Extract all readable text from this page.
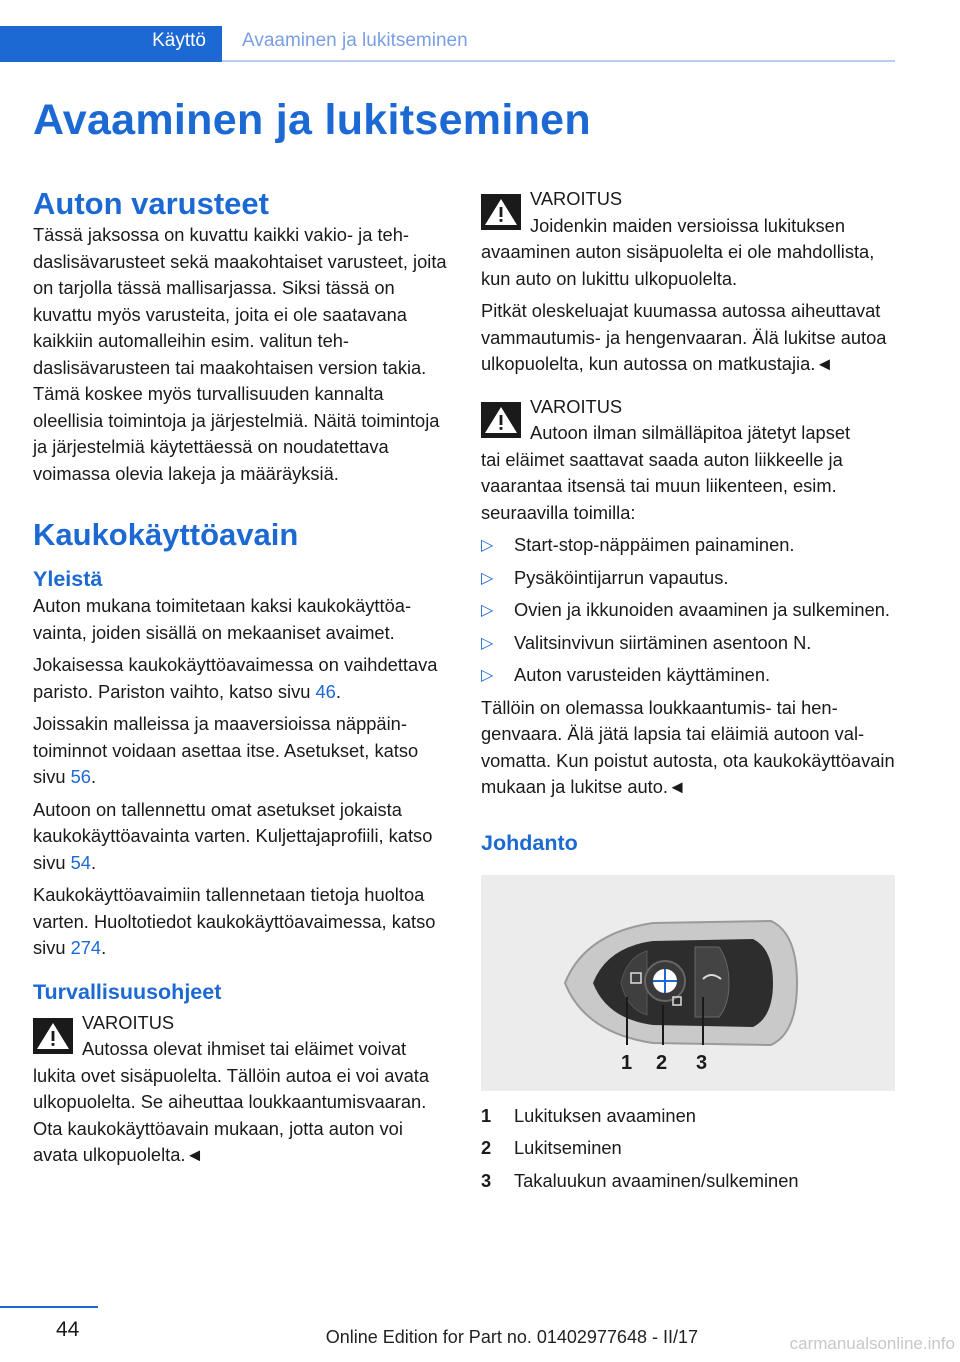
Käyttö Avaaminen ja lukitseminen
Avaaminen ja lukitseminen
Auton varusteet

Tässä jaksossa on kuvattu kaikki vakio- ja tehdaslisävarusteet sekä maakohtaiset varusteet, joita on tarjolla tässä mallisarjassa. Siksi tässä on kuvattu myös varusteita, joita ei ole saatavana kaikkiin automalleihin esim. valitun tehdaslisävarusteen tai maakohtaisen version takia. Tämä koskee myös turvallisuuden kannalta oleellisia toimintoja ja järjestelmiä. Näitä toimintoja ja järjestelmiä käytettäessä on noudatettava voimassa olevia lakeja ja määräyksiä.

Kaukokäyttöavain
Yleistä

Auton mukana toimitetaan kaksi kaukokäyttöavainta, joiden sisällä on mekaaniset avaimet.

Jokaisessa kaukokäyttöavaimessa on vaihdettava paristo. Pariston vaihto, katso sivu 46.

Joissakin malleissa ja maaversioissa näppäintoiminnot voidaan asettaa itse. Asetukset, katso sivu 56.

Autoon on tallennettu omat asetukset jokaista kaukokäyttöavainta varten. Kuljettajaprofiili, katso sivu 54.

Kaukokäyttöavaimiin tallennetaan tietoja huoltoa varten. Huoltotiedot kaukokäyttöavaimessa, katso sivu 274.

Turvallisuusohjeet

VAROITUS

Autossa olevat ihmiset tai eläimet voivat

lukita ovet sisäpuolelta. Tällöin autoa ei voi avata ulkopuolelta. Se aiheuttaa loukkaantumisvaaran. Ota kaukokäyttöavain mukaan, jotta auton voi avata ulkopuolelta.◄

VAROITUS

Joidenkin maiden versioissa lukituksen

avaaminen auton sisäpuolelta ei ole mahdollista, kun auto on lukittu ulkopuolelta.

Pitkät oleskeluajat kuumassa autossa aiheuttavat vammautumis- ja hengenvaaran. Älä lukitse autoa ulkopuolelta, kun autossa on matkustajia.◄

VAROITUS

Autoon ilman silmälläpitoa jätetyt lapset

tai eläimet saattavat saada auton liikkeelle ja vaarantaa itsensä tai muun liikenteen, esim. seuraavilla toimilla:

▷ Start-stop-näppäimen painaminen.
▷ Pysäköintijarrun vapautus.
▷ Ovien ja ikkunoiden avaaminen ja sulkeminen.
▷ Valitsinvivun siirtäminen asentoon N.
▷ Auton varusteiden käyttäminen.

Tällöin on olemassa loukkaantumis- tai hengenvaara. Älä jätä lapsia tai eläimiä autoon valvomatta. Kun poistut autosta, ota kaukokäyttöavain mukaan ja lukitse auto.◄

Johdanto
1 2 3
1 Lukituksen avaaminen
2 Lukitseminen
3 Takaluukun avaaminen/sulkeminen
44	Online Edition for Part no. 01402977648 - II/17	carmanualsonline.info
